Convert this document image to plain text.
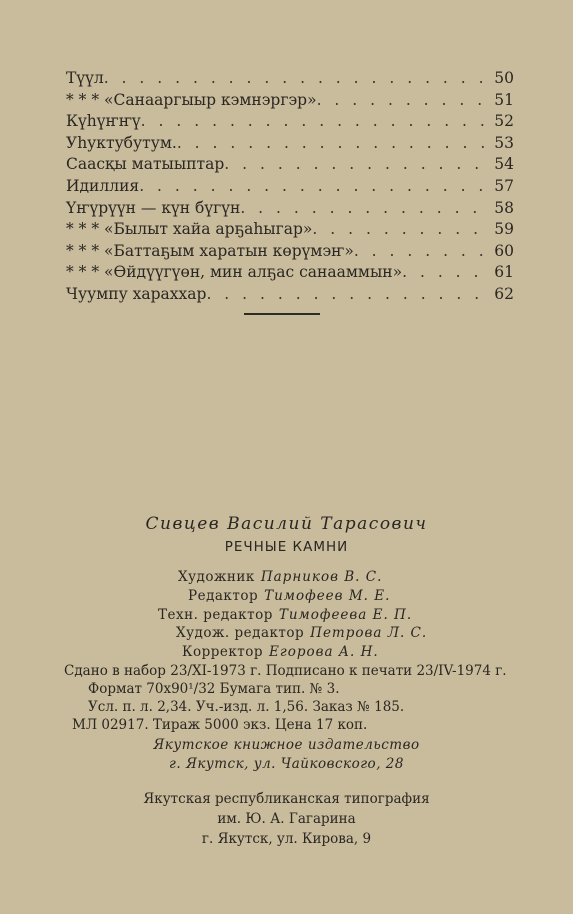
Түүл . . .	50
* * * «Санааргыыр кэмнэргэр» . . .	51
Күһүҥҥү . . .	52
Уһуктубутум. . . .	53
Саасқы матыыптар . . .	54
Идиллия . . .	57
Үҥүрүүн — күн бүгүн . . .	58
* * * «Былыт хайа арҕаһыгар» . . .	59
* * * «Баттаҕым харатын көрүмэҥ» . . .	60
* * * «Өйдүүгүөн, мин алҕас санааммын» . . .	61
Чуумпу хараххар . . .	62
Сивцев Василий Тарасович
РЕЧНЫЕ КАМНИ
Художник Парников В. С.
Редактор Тимофеев М. Е.
Техн. редактор Тимофеева Е. П.
Худож. редактор Петрова Л. С.
Корректор Егорова А. Н.
Сдано в набор 23/XI-1973 г. Подписано к печати 23/IV-1974 г.
Формат 70х90¹/32 Бумага тип. № 3.
Усл. п. л. 2,34. Уч.-изд. л. 1,56. Заказ № 185.
МЛ 02917. Тираж 5000 экз. Цена 17 коп.
Якутское книжное издательство
г. Якутск, ул. Чайковского, 28
Якутская республиканская типография
им. Ю. А. Гагарина
г. Якутск, ул. Кирова, 9
